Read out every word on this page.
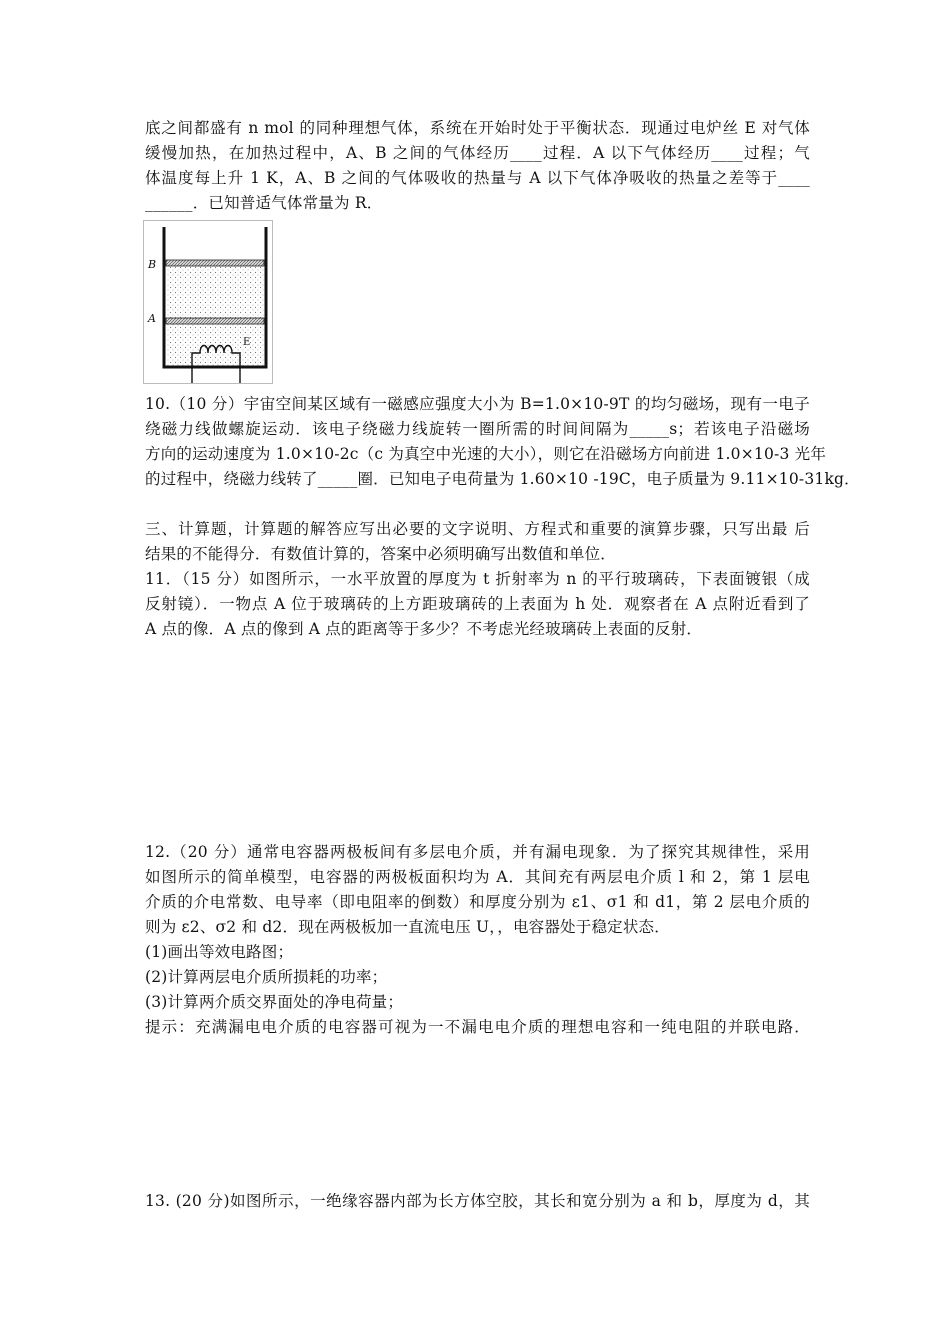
底之间都盛有 n mol 的同种理想气体，系统在开始时处于平衡状态．现通过电炉丝 E 对气体
缓慢加热，在加热过程中，A、B 之间的气体经历____过程．A 以下气体经历____过程；气
体温度每上升 1 K，A、B 之间的气体吸收的热量与 A 以下气体净吸收的热量之差等于____
______．已知普适气体常量为 R．
B
A
E
10.（10 分）宇宙空间某区域有一磁感应强度大小为 B=1.0×10-9T 的均匀磁场，现有一电子
绕磁力线做螺旋运动．该电子绕磁力线旋转一圈所需的时间间隔为_____s；若该电子沿磁场
方向的运动速度为 1.0×10-2c（c 为真空中光速的大小），则它在沿磁场方向前进 1.0×10-3 光年
的过程中，绕磁力线转了_____圈．已知电子电荷量为 1.60×10 -19C，电子质量为 9.11×10-31kg．
三、计算题，计算题的解答应写出必要的文字说明、方程式和重要的演算步骤，只写出最 后
结果的不能得分．有数值计算的，答案中必须明确写出数值和单位．
11．（15 分）如图所示，一水平放置的厚度为 t 折射率为 n 的平行玻璃砖，下表面镀银（成
反射镜）．一物点 A 位于玻璃砖的上方距玻璃砖的上表面为 h 处．观察者在 A 点附近看到了
A 点的像．A 点的像到 A 点的距离等于多少？不考虑光经玻璃砖上表面的反射．
12.（20 分）通常电容器两极板间有多层电介质，并有漏电现象．为了探究其规律性，采用
如图所示的简单模型，电容器的两极板面积均为 A．其间充有两层电介质 l 和 2，第 1 层电
介质的介电常数、电导率（即电阻率的倒数）和厚度分别为 ε1、σ1 和 d1，第 2 层电介质的
则为 ε2、σ2 和 d2．现在两极板加一直流电压 U，，电容器处于稳定状态．
(1)画出等效电路图；
(2)计算两层电介质所损耗的功率；
(3)计算两介质交界面处的净电荷量；
提示：充满漏电电介质的电容器可视为一不漏电电介质的理想电容和一纯电阻的并联电路．
13. (20 分)如图所示，一绝缘容器内部为长方体空胶，其长和宽分别为 a 和 b，厚度为 d，其
